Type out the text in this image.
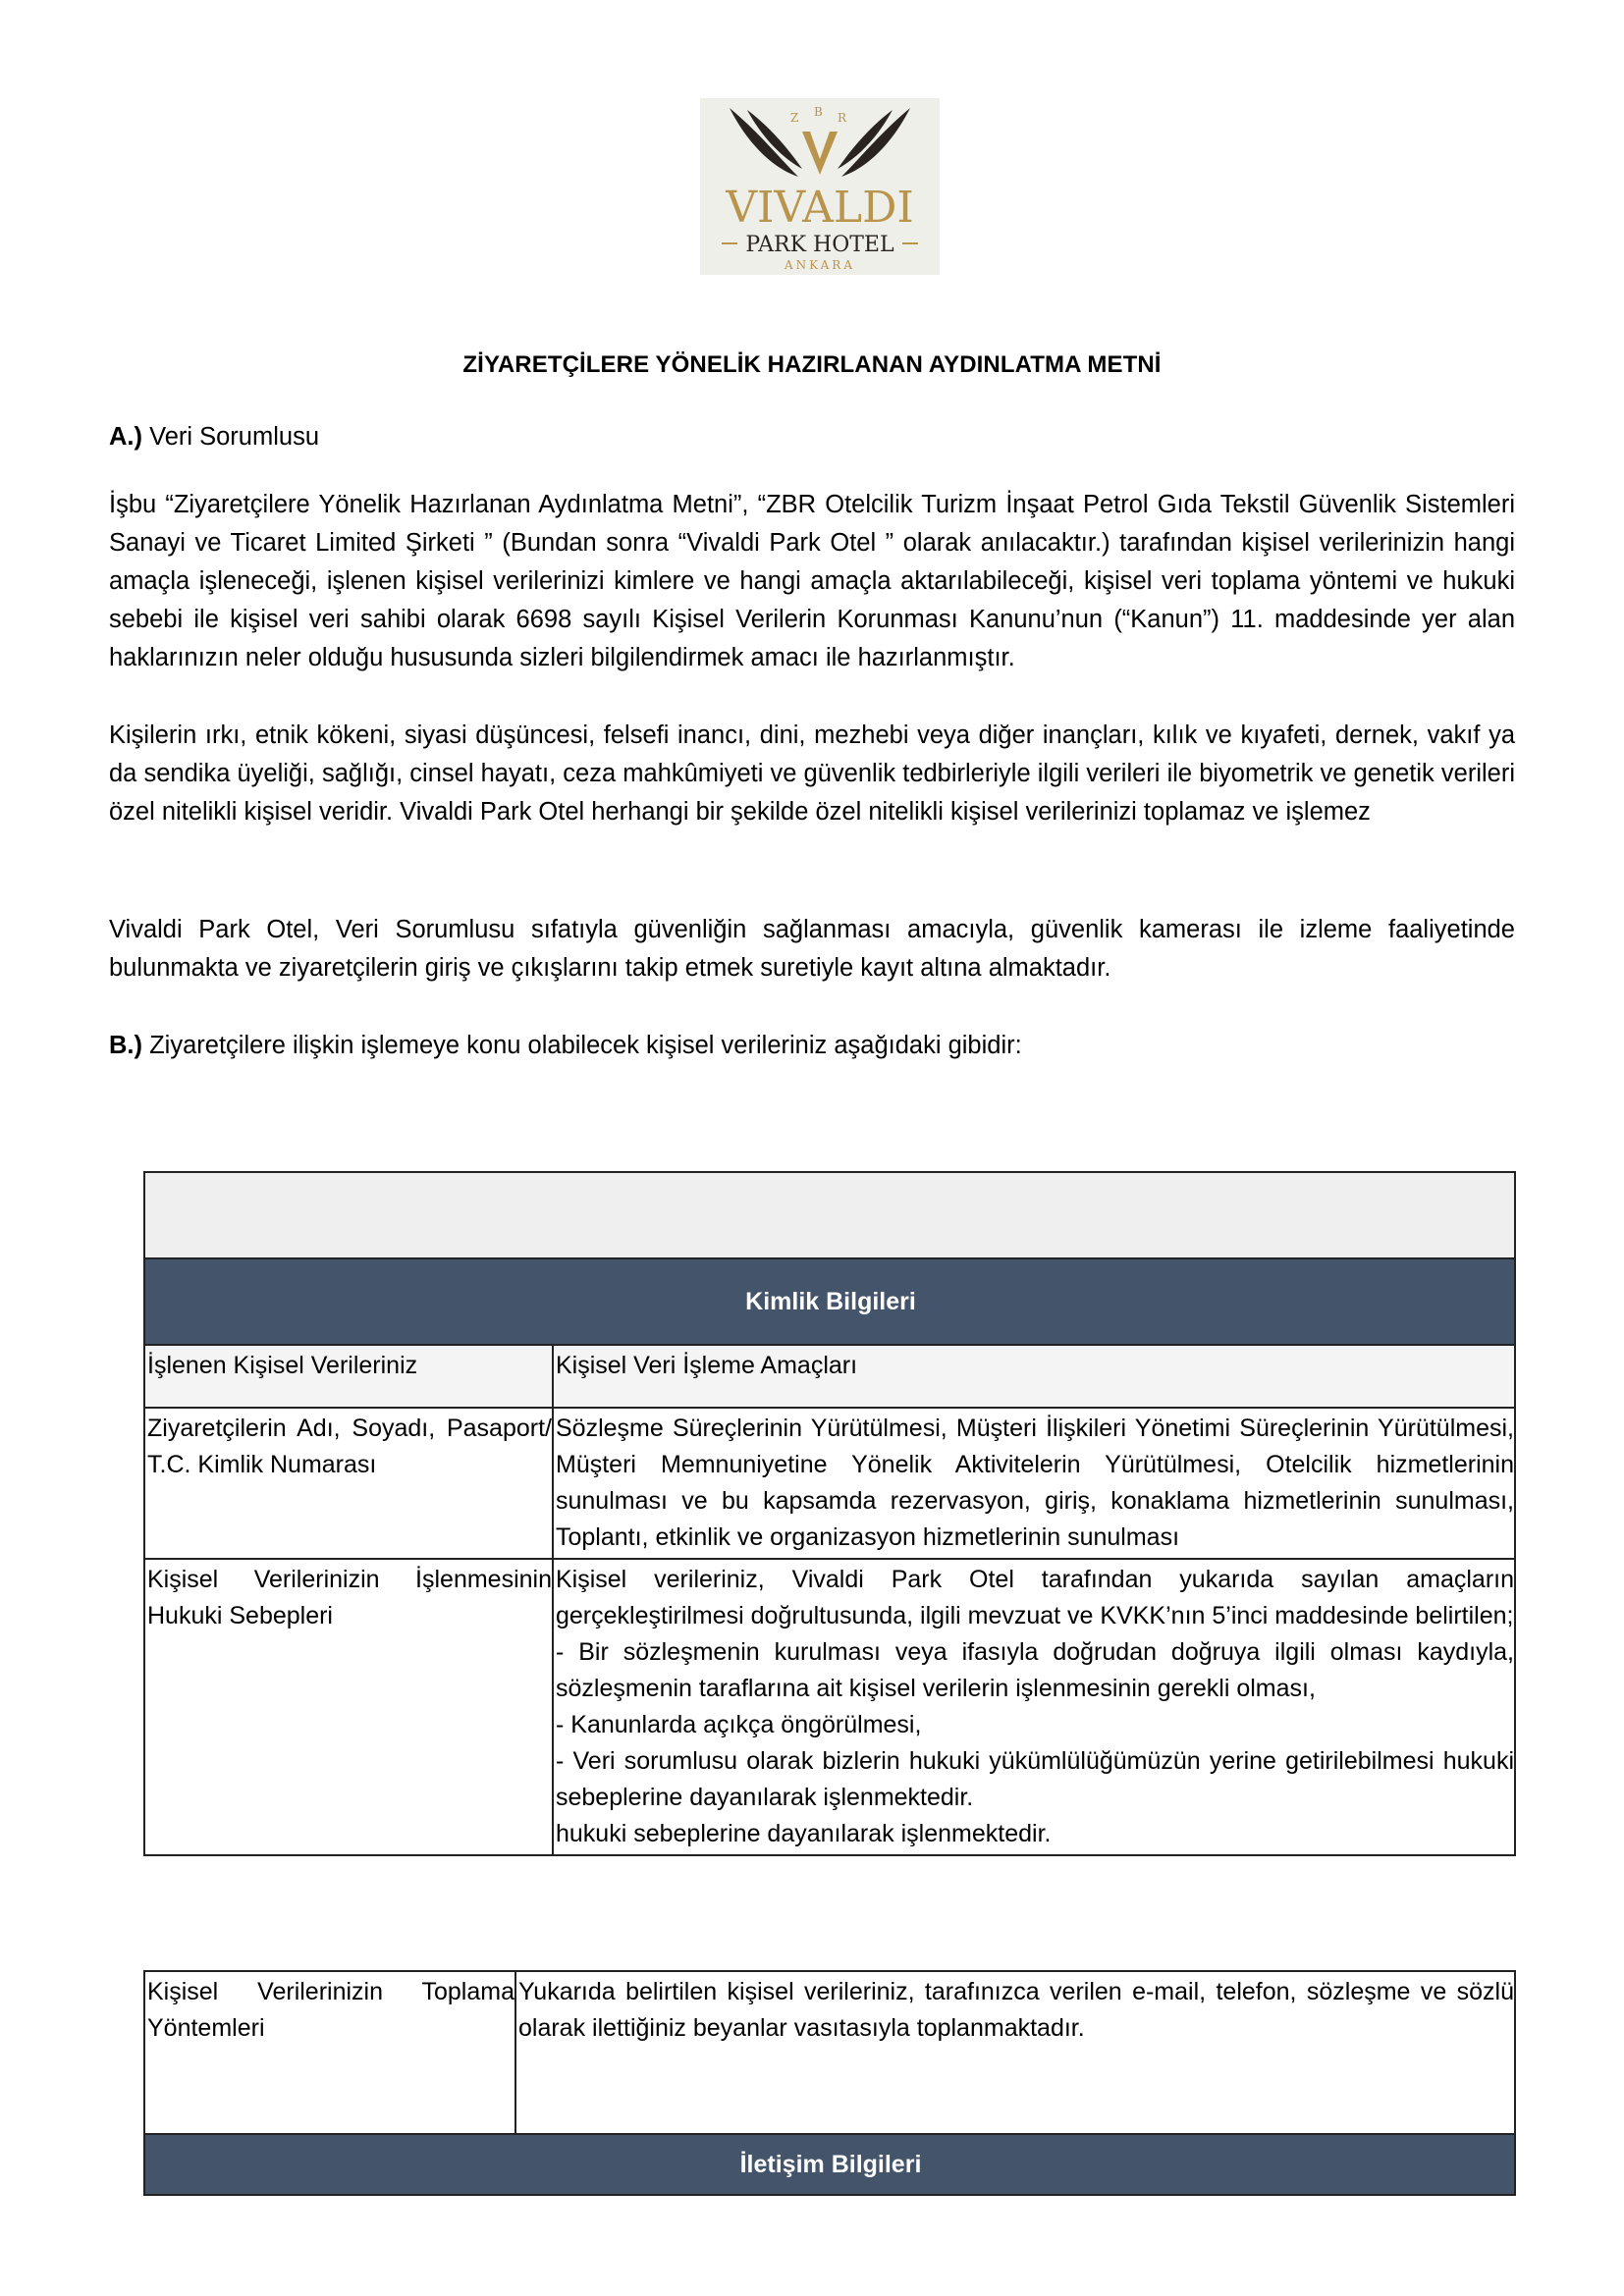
Z B R
VIVALDI
PARK HOTEL
ANKARA
ZİYARETÇİLERE YÖNELİK HAZIRLANAN AYDINLATMA METNİ

A.) Veri Sorumlusu

İşbu “Ziyaretçilere Yönelik Hazırlanan Aydınlatma Metni”, “ZBR Otelcilik Turizm İnşaat Petrol Gıda Tekstil Güvenlik Sistemleri Sanayi ve Ticaret Limited Şirketi ” (Bundan sonra “Vivaldi Park Otel ” olarak anılacaktır.) tarafından kişisel verilerinizin hangi amaçla işleneceği, işlenen kişisel verilerinizi kimlere ve hangi amaçla aktarılabileceği, kişisel veri toplama yöntemi ve hukuki sebebi ile kişisel veri sahibi olarak 6698 sayılı Kişisel Verilerin Korunması Kanunu’nun (“Kanun”) 11. maddesinde yer alan haklarınızın neler olduğu hususunda sizleri bilgilendirmek amacı ile hazırlanmıştır.

Kişilerin ırkı, etnik kökeni, siyasi düşüncesi, felsefi inancı, dini, mezhebi veya diğer inançları, kılık ve kıyafeti, dernek, vakıf ya da sendika üyeliği, sağlığı, cinsel hayatı, ceza mahkûmiyeti ve güvenlik tedbirleriyle ilgili verileri ile biyometrik ve genetik verileri özel nitelikli kişisel veridir. Vivaldi Park Otel herhangi bir şekilde özel nitelikli kişisel verilerinizi toplamaz ve işlemez

Vivaldi Park Otel, Veri Sorumlusu sıfatıyla güvenliğin sağlanması amacıyla, güvenlik kamerası ile izleme faaliyetinde bulunmakta ve ziyaretçilerin giriş ve çıkışlarını takip etmek suretiyle kayıt altına almaktadır.

B.) Ziyaretçilere ilişkin işlemeye konu olabilecek kişisel verileriniz aşağıdaki gibidir:

Kimlik Bilgileri	
İşlenen Kişisel Verileriniz	Kişisel Veri İşleme Amaçları
Ziyaretçilerin Adı, Soyadı, Pasaport/ T.C. Kimlik Numarası	Sözleşme Süreçlerinin Yürütülmesi, Müşteri İlişkileri Yönetimi Süreçlerinin Yürütülmesi, Müşteri Memnuniyetine Yönelik Aktivitelerin Yürütülmesi, Otelcilik hizmetlerinin sunulması ve bu kapsamda rezervasyon, giriş, konaklama hizmetlerinin sunulması, Toplantı, etkinlik ve organizasyon hizmetlerinin sunulması
Kişisel Verilerinizin İşlenmesinin Hukuki Sebepleri	Kişisel verileriniz, Vivaldi Park Otel tarafından yukarıda sayılan amaçların gerçekleştirilmesi doğrultusunda, ilgili mevzuat ve KVKK’nın 5’inci maddesinde belirtilen;
- Bir sözleşmenin kurulması veya ifasıyla doğrudan doğruya ilgili olması kaydıyla, sözleşmenin taraflarına ait kişisel verilerin işlenmesinin gerekli olması,
- Kanunlarda açıkça öngörülmesi,
- Veri sorumlusu olarak bizlerin hukuki yükümlülüğümüzün yerine getirilebilmesi hukuki sebeplerine dayanılarak işlenmektedir.
hukuki sebeplerine dayanılarak işlenmektedir.
Kişisel Verilerinizin Toplama Yöntemleri	Yukarıda belirtilen kişisel verileriniz, tarafınızca verilen e-mail, telefon, sözleşme ve sözlü olarak ilettiğiniz beyanlar vasıtasıyla toplanmaktadır.
İletişim Bilgileri
